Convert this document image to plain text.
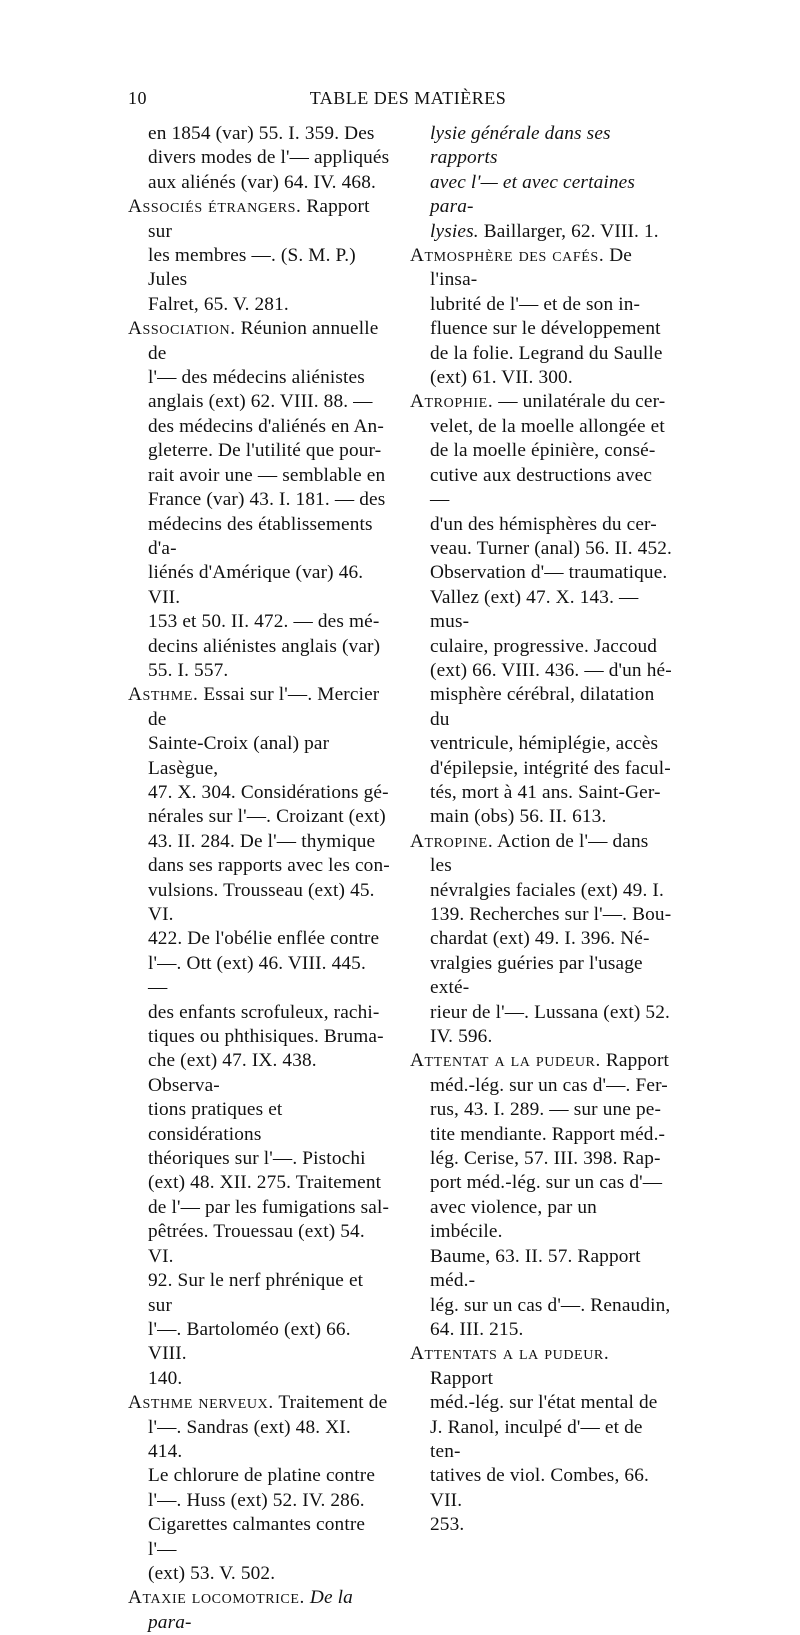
10	TABLE DES MATIÈRES
en 1854 (var) 55. I. 359. Des
divers modes de l'— appliqués
aux aliénés (var) 64. IV. 468.
Associés étrangers. Rapport sur
les membres —. (S. M. P.) Jules
Falret, 65. V. 281.
Association. Réunion annuelle de
l'— des médecins aliénistes
anglais (ext) 62. VIII. 88. —
des médecins d'aliénés en An-
gleterre. De l'utilité que pour-
rait avoir une — semblable en
France (var) 43. I. 181. — des
médecins des établissements d'a-
liénés d'Amérique (var) 46. VII.
153 et 50. II. 472. — des mé-
decins aliénistes anglais (var)
55. I. 557.
Asthme. Essai sur l'—. Mercier de
Sainte-Croix (anal) par Lasègue,
47. X. 304. Considérations gé-
nérales sur l'—. Croizant (ext)
43. II. 284. De l'— thymique
dans ses rapports avec les con-
vulsions. Trousseau (ext) 45. VI.
422. De l'obélie enflée contre
l'—. Ott (ext) 46. VIII. 445. —
des enfants scrofuleux, rachi-
tiques ou phthisiques. Bruma-
che (ext) 47. IX. 438. Observa-
tions pratiques et considérations
théoriques sur l'—. Pistochi
(ext) 48. XII. 275. Traitement
de l'— par les fumigations sal-
pêtrées. Trouessau (ext) 54. VI.
92. Sur le nerf phrénique et sur
l'—. Bartoloméo (ext) 66. VIII.
140.
Asthme nerveux. Traitement de
l'—. Sandras (ext) 48. XI. 414.
Le chlorure de platine contre
l'—. Huss (ext) 52. IV. 286.
Cigarettes calmantes contre l'—
(ext) 53. V. 502.
Ataxie locomotrice. De la para-
lysie générale dans ses rapports
avec l'— et avec certaines para-
lysies. Baillarger, 62. VIII. 1.
Atmosphère des cafés. De l'insa-
lubrité de l'— et de son in-
fluence sur le développement
de la folie. Legrand du Saulle
(ext) 61. VII. 300.
Atrophie. — unilatérale du cer-
velet, de la moelle allongée et
de la moelle épinière, consé-
cutive aux destructions avec —
d'un des hémisphères du cer-
veau. Turner (anal) 56. II. 452.
Observation d'— traumatique.
Vallez (ext) 47. X. 143. — mus-
culaire, progressive. Jaccoud
(ext) 66. VIII. 436. — d'un hé-
misphère cérébral, dilatation du
ventricule, hémiplégie, accès
d'épilepsie, intégrité des facul-
tés, mort à 41 ans. Saint-Ger-
main (obs) 56. II. 613.
Atropine. Action de l'— dans les
névralgies faciales (ext) 49. I.
139. Recherches sur l'—. Bou-
chardat (ext) 49. I. 396. Né-
vralgies guéries par l'usage exté-
rieur de l'—. Lussana (ext) 52.
IV. 596.
Attentat a la pudeur. Rapport
méd.-lég. sur un cas d'—. Fer-
rus, 43. I. 289. — sur une pe-
tite mendiante. Rapport méd.-
lég. Cerise, 57. III. 398. Rap-
port méd.-lég. sur un cas d'—
avec violence, par un imbécile.
Baume, 63. II. 57. Rapport méd.-
lég. sur un cas d'—. Renaudin,
64. III. 215.
Attentats a la pudeur. Rapport
méd.-lég. sur l'état mental de
J. Ranol, inculpé d'— et de ten-
tatives de viol. Combes, 66. VII.
253.
